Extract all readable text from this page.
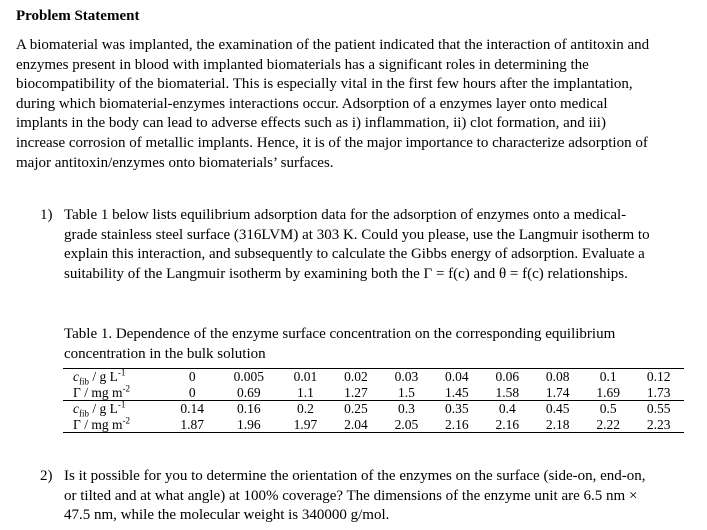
Problem Statement
A biomaterial was implanted, the examination of the patient indicated that the interaction of antitoxin and enzymes present in blood with implanted biomaterials has a significant roles in determining the biocompatibility of the biomaterial. This is especially vital in the first few hours after the implantation, during which biomaterial-enzymes interactions occur. Adsorption of a enzymes layer onto medical implants in the body can lead to adverse effects such as i) inflammation, ii) clot formation, and iii) increase corrosion of metallic implants. Hence, it is of the major importance to characterize adsorption of major antitoxin/enzymes onto biomaterials’ surfaces.
1) Table 1 below lists equilibrium adsorption data for the adsorption of enzymes onto a medical-grade stainless steel surface (316LVM) at 303 K. Could you please, use the Langmuir isotherm to explain this interaction, and subsequently to calculate the Gibbs energy of adsorption. Evaluate a suitability of the Langmuir isotherm by examining both the Γ = f(c) and θ = f(c) relationships.
Table 1. Dependence of the enzyme surface concentration on the corresponding equilibrium concentration in the bulk solution
$c_{fib}$ / g $L^{-1}$	0	0.005	0.01	0.02	0.03	0.04	0.06	0.08	0.1	0.12
Γ / mg $m^{-2}$	0	0.69	1.1	1.27	1.5	1.45	1.58	1.74	1.69	1.73
$c_{fib}$ / g $L^{-1}$	0.14	0.16	0.2	0.25	0.3	0.35	0.4	0.45	0.5	0.55
Γ / mg $m^{-2}$	1.87	1.96	1.97	2.04	2.05	2.16	2.16	2.18	2.22	2.23
2) Is it possible for you to determine the orientation of the enzymes on the surface (side-on, end-on, or tilted and at what angle) at 100% coverage? The dimensions of the enzyme unit are 6.5 nm × 47.5 nm, while the molecular weight is 340000 g/mol.
